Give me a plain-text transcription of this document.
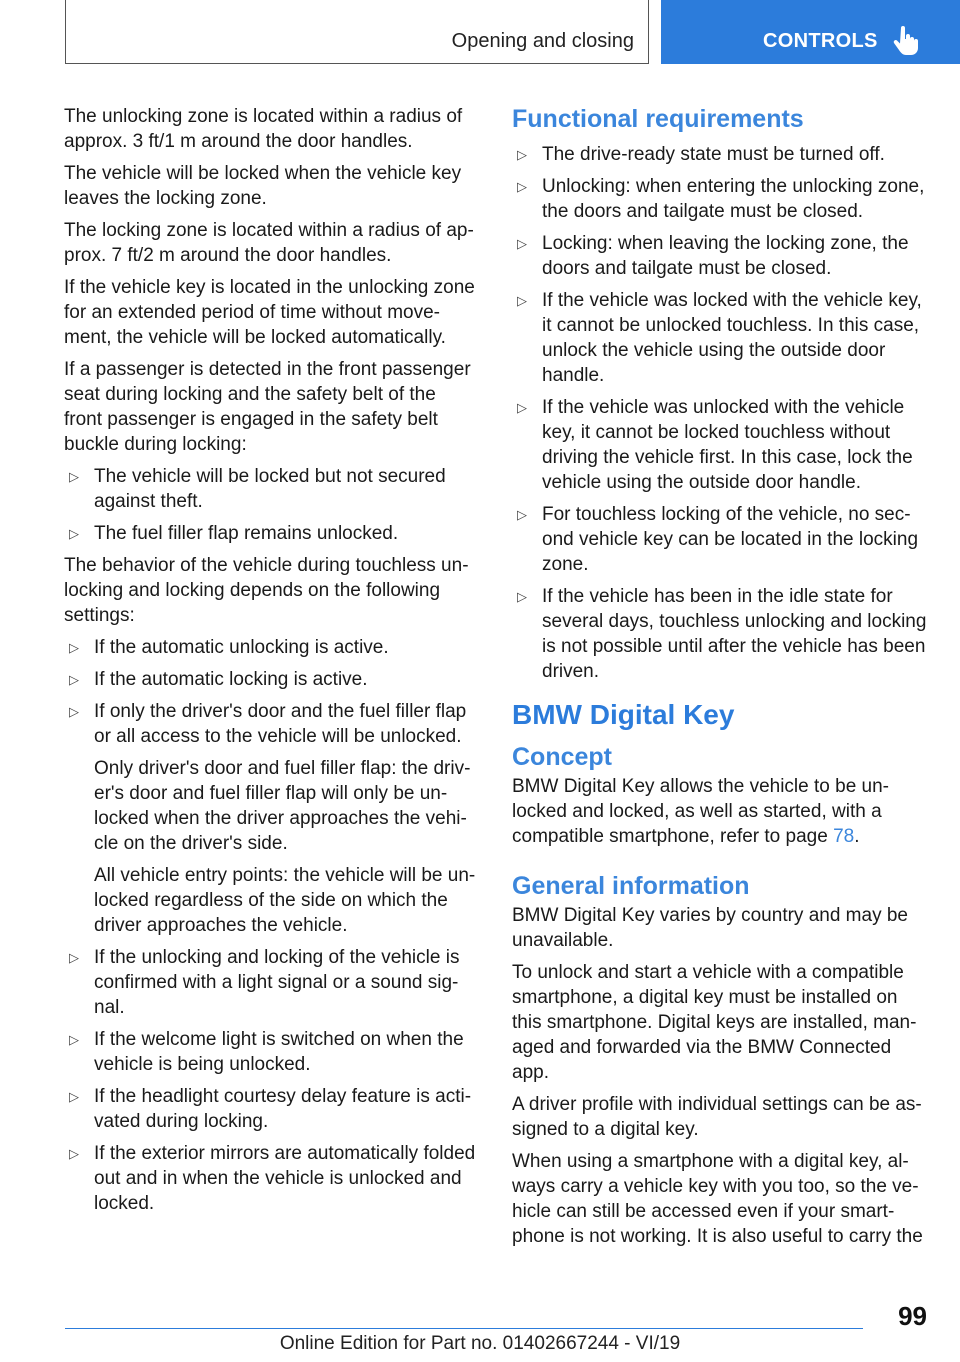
Opening and closing	CONTROLS

The unlocking zone is located within a radius of approx. 3 ft/1 m around the door handles.

The vehicle will be locked when the vehicle key leaves the locking zone.

The locking zone is located within a radius of ap‐prox. 7 ft/2 m around the door handles.

If the vehicle key is located in the unlocking zone for an extended period of time without move‐ment, the vehicle will be locked automatically.

If a passenger is detected in the front passenger seat during locking and the safety belt of the front passenger is engaged in the safety belt buckle during locking:

▷ The vehicle will be locked but not secured against theft.
▷ The fuel filler flap remains unlocked.

The behavior of the vehicle during touchless un‐locking and locking depends on the following settings:

▷ If the automatic unlocking is active.
▷ If the automatic locking is active.
▷ If only the driver's door and the fuel filler flap or all access to the vehicle will be unlocked.
Only driver's door and fuel filler flap: the driv‐er's door and fuel filler flap will only be un‐locked when the driver approaches the vehi‐cle on the driver's side.
All vehicle entry points: the vehicle will be un‐locked regardless of the side on which the driver approaches the vehicle.
▷ If the unlocking and locking of the vehicle is confirmed with a light signal or a sound sig‐nal.
▷ If the welcome light is switched on when the vehicle is being unlocked.
▷ If the headlight courtesy delay feature is acti‐vated during locking.
▷ If the exterior mirrors are automatically folded out and in when the vehicle is unlocked and locked.
Functional requirements
▷ The drive-ready state must be turned off.
▷ Unlocking: when entering the unlocking zone, the doors and tailgate must be closed.
▷ Locking: when leaving the locking zone, the doors and tailgate must be closed.
▷ If the vehicle was locked with the vehicle key, it cannot be unlocked touchless. In this case, unlock the vehicle using the outside door handle.
▷ If the vehicle was unlocked with the vehicle key, it cannot be locked touchless without driving the vehicle first. In this case, lock the vehicle using the outside door handle.
▷ For touchless locking of the vehicle, no sec‐ond vehicle key can be located in the locking zone.
▷ If the vehicle has been in the idle state for several days, touchless unlocking and locking is not possible until after the vehicle has been driven.
BMW Digital Key
Concept

BMW Digital Key allows the vehicle to be un‐locked and locked, as well as started, with a compatible smartphone, refer to page 78.

General information

BMW Digital Key varies by country and may be unavailable.

To unlock and start a vehicle with a compatible smartphone, a digital key must be installed on this smartphone. Digital keys are installed, man‐aged and forwarded via the BMW Connected app.

A driver profile with individual settings can be as‐signed to a digital key.

When using a smartphone with a digital key, al‐ways carry a vehicle key with you too, so the ve‐hicle can still be accessed even if your smart‐phone is not working. It is also useful to carry the

99
Online Edition for Part no. 01402667244 - VI/19
